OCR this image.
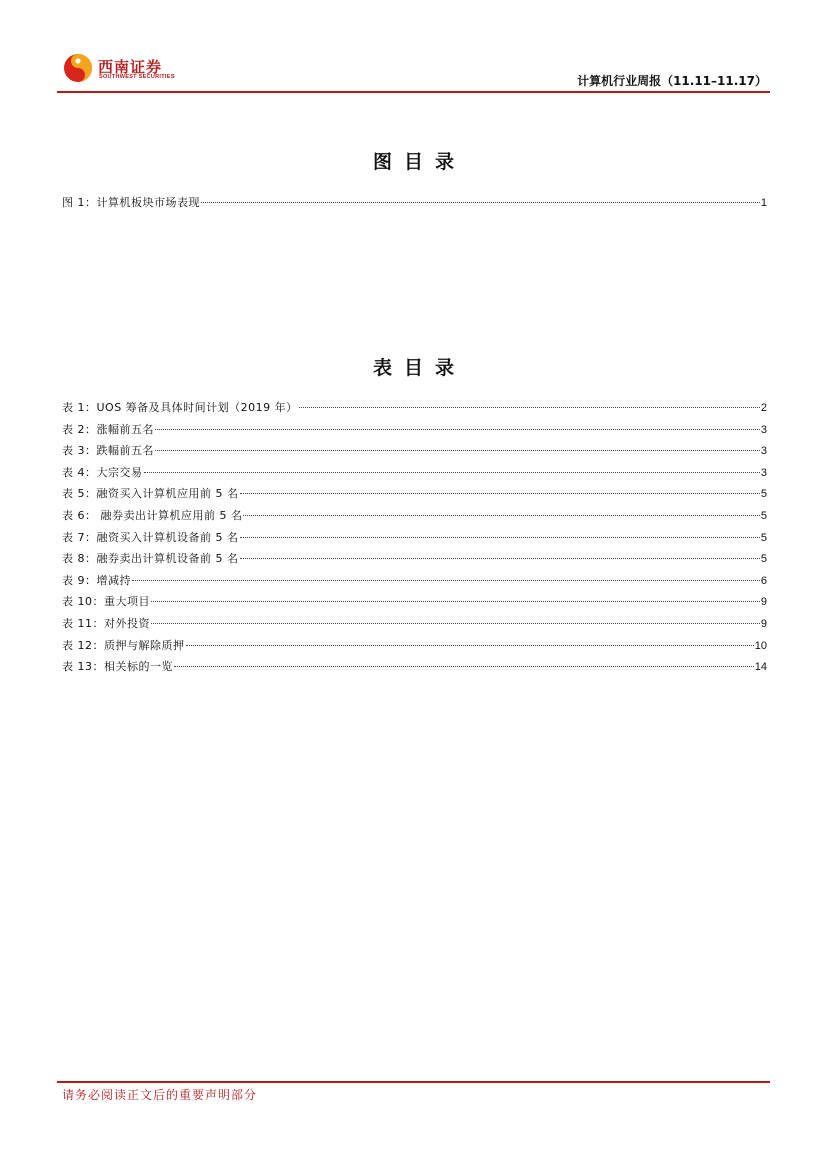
西南证券
SOUTHWEST SECURITIES	计算机行业周报（11.11–11.17）
图目录
图 1：计算机板块市场表现	1
表目录
表 1：UOS 筹备及具体时间计划（2019 年）	2
表 2：涨幅前五名	3
表 3：跌幅前五名	3
表 4：大宗交易	3
表 5：融资买入计算机应用前 5 名	5
表 6： 融券卖出计算机应用前 5 名	5
表 7：融资买入计算机设备前 5 名	5
表 8：融券卖出计算机设备前 5 名	5
表 9：增减持	6
表 10：重大项目	9
表 11：对外投资	9
表 12：质押与解除质押	10
表 13：相关标的一览	14
请务必阅读正文后的重要声明部分
